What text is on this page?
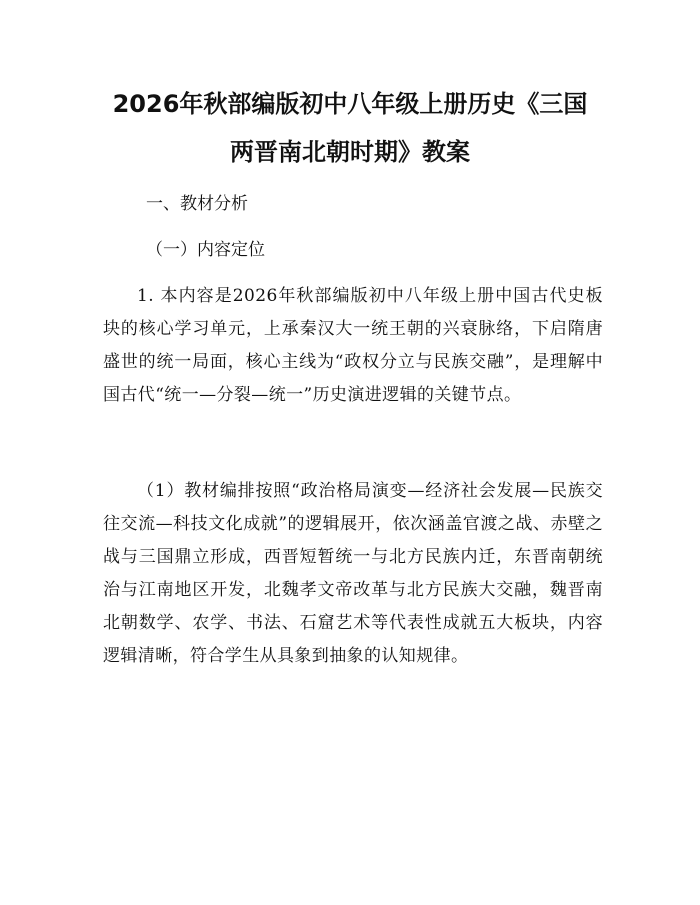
2026年秋部编版初中八年级上册历史《三国
两晋南北朝时期》教案

一、教材分析

（一）内容定位

1. 本内容是2026年秋部编版初中八年级上册中国古代史板块的核心学习单元，上承秦汉大一统王朝的兴衰脉络，下启隋唐盛世的统一局面，核心主线为“政权分立与民族交融”，是理解中国古代“统一—分裂—统一”历史演进逻辑的关键节点。

（1）教材编排按照“政治格局演变—经济社会发展—民族交往交流—科技文化成就”的逻辑展开，依次涵盖官渡之战、赤壁之战与三国鼎立形成，西晋短暂统一与北方民族内迁，东晋南朝统治与江南地区开发，北魏孝文帝改革与北方民族大交融，魏晋南北朝数学、农学、书法、石窟艺术等代表性成就五大板块，内容逻辑清晰，符合学生从具象到抽象的认知规律。
